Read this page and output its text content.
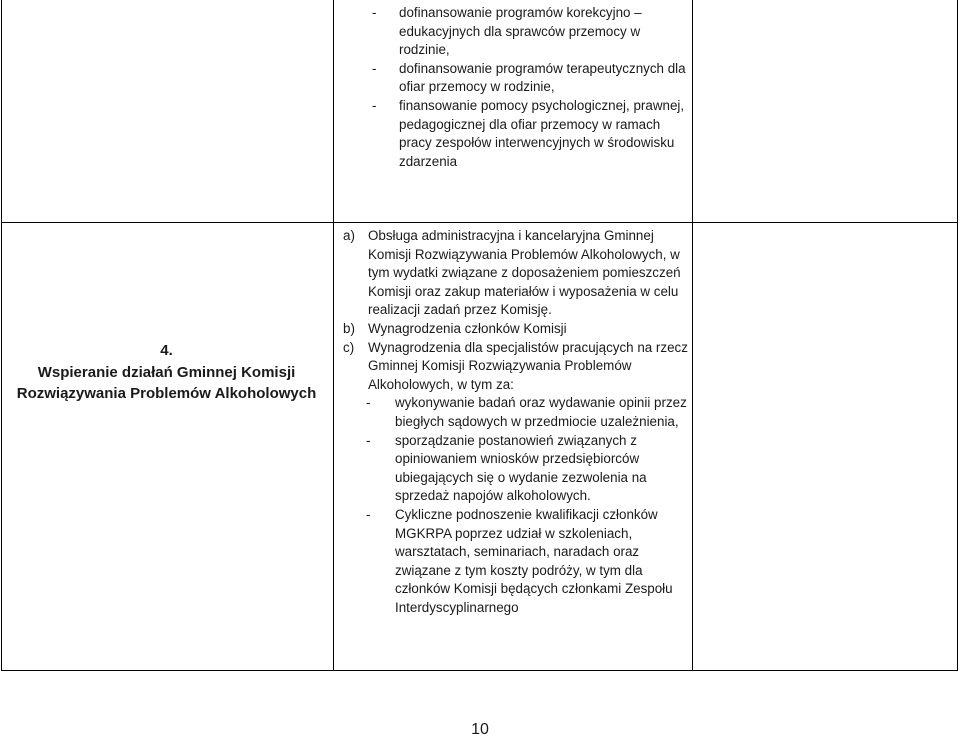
- dofinansowanie programów korekcyjno – edukacyjnych dla sprawców przemocy w rodzinie,
- dofinansowanie programów terapeutycznych dla ofiar przemocy w rodzinie,
- finansowanie pomocy psychologicznej, prawnej, pedagogicznej dla ofiar przemocy w ramach pracy zespołów interwencyjnych w środowisku zdarzenia
4.
Wspieranie działań Gminnej Komisji Rozwiązywania Problemów Alkoholowych
a) Obsługa administracyjna i kancelaryjna Gminnej Komisji Rozwiązywania Problemów Alkoholowych, w tym wydatki związane z doposażeniem pomieszczeń Komisji oraz zakup materiałów i wyposażenia w celu realizacji zadań przez Komisję.
b) Wynagrodzenia członków Komisji
c) Wynagrodzenia dla specjalistów pracujących na rzecz Gminnej Komisji Rozwiązywania Problemów Alkoholowych, w tym za:
- wykonywanie badań oraz wydawanie opinii przez biegłych sądowych w przedmiocie uzależnienia,
- sporządzanie postanowień związanych z opiniowaniem wniosków przedsiębiorców ubiegających się o wydanie zezwolenia na sprzedaż napojów alkoholowych.
- Cykliczne podnoszenie kwalifikacji członków MGKRPA poprzez udział w szkoleniach, warsztatach, seminariach, naradach oraz związane z tym koszty podróży, w tym dla członków Komisji będących członkami Zespołu Interdyscyplinarnego
10
